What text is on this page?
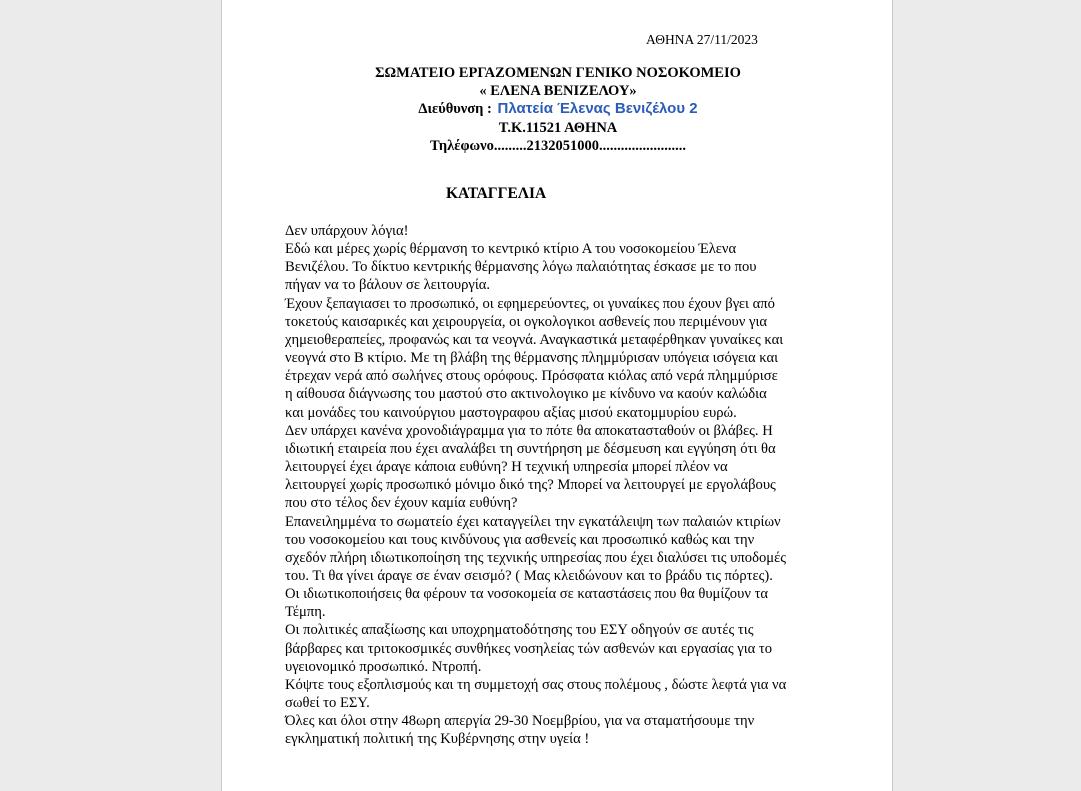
ΑΘΗΝΑ 27/11/2023
ΣΩΜΑΤΕΙΟ ΕΡΓΑΖΟΜΕΝΩΝ ΓΕΝΙΚΟ ΝΟΣΟΚΟΜΕΙΟ
« ΕΛΕΝΑ ΒΕΝΙΖΕΛΟΥ»
Διεύθυνση : Πλατεία Έλενας Βενιζέλου 2
Τ.Κ.11521 ΑΘΗΝΑ
Τηλέφωνο.........2132051000........................
ΚΑΤΑΓΓΕΛΙΑ
Δεν υπάρχουν λόγια!
Εδώ και μέρες χωρίς θέρμανση το κεντρικό κτίριο Α του νοσοκομείου Έλενα
Βενιζέλου. Το δίκτυο κεντρικής θέρμανσης λόγω παλαιότητας έσκασε με το που
πήγαν να το βάλουν σε λειτουργία.
Έχουν ξεπαγιασει το προσωπικό, οι εφημερεύοντες, οι γυναίκες που έχουν βγει από
τοκετούς καισαρικές και χειρουργεία, οι ογκολογικοι ασθενείς που περιμένουν για
χημειοθεραπείες, προφανώς και τα νεογνά. Αναγκαστικά μεταφέρθηκαν γυναίκες και
νεογνά στο Β κτίριο. Με τη βλάβη της θέρμανσης πλημμύρισαν υπόγεια ισόγεια και
έτρεχαν νερά από σωλήνες στους ορόφους. Πρόσφατα κιόλας από νερά πλημμύρισε
η αίθουσα διάγνωσης του μαστού στο ακτινολογικο με κίνδυνο να καούν καλώδια
και μονάδες του καινούργιου μαστογραφου αξίας μισού εκατομμυρίου ευρώ.
Δεν υπάρχει κανένα χρονοδιάγραμμα για το πότε θα αποκατασταθούν οι βλάβες. Η
ιδιωτική εταιρεία που έχει αναλάβει τη συντήρηση με δέσμευση και εγγύηση ότι θα
λειτουργεί έχει άραγε κάποια ευθύνη? Η τεχνική υπηρεσία μπορεί πλέον να
λειτουργεί χωρίς προσωπικό μόνιμο δικό της? Μπορεί να λειτουργεί με εργολάβους
που στο τέλος δεν έχουν καμία ευθύνη?
Επανειλημμένα το σωματείο έχει καταγγείλει την εγκατάλειψη των παλαιών κτιρίων
του νοσοκομείου και τους κινδύνους για ασθενείς και προσωπικό καθώς και την
σχεδόν πλήρη ιδιωτικοποίηση της τεχνικής υπηρεσίας που έχει διαλύσει τις υποδομές
του. Τι θα γίνει άραγε σε έναν σεισμό? ( Μας κλειδώνουν και το βράδυ τις πόρτες).
Οι ιδιωτικοποιήσεις θα φέρουν τα νοσοκομεία σε καταστάσεις που θα θυμίζουν τα
Τέμπη.
Οι πολιτικές απαξίωσης και υποχρηματοδότησης του ΕΣΥ οδηγούν σε αυτές τις
βάρβαρες και τριτοκοσμικές συνθήκες νοσηλείας τών ασθενών και εργασίας για το
υγειονομικό προσωπικό. Ντροπή.
Κόψτε τους εξοπλισμούς και τη συμμετοχή σας στους πολέμους , δώστε λεφτά για να
σωθεί το ΕΣΥ.
Όλες και όλοι στην 48ωρη απεργία 29-30 Νοεμβρίου, για να σταματήσουμε την
εγκληματική πολιτική της Κυβέρνησης στην υγεία !
